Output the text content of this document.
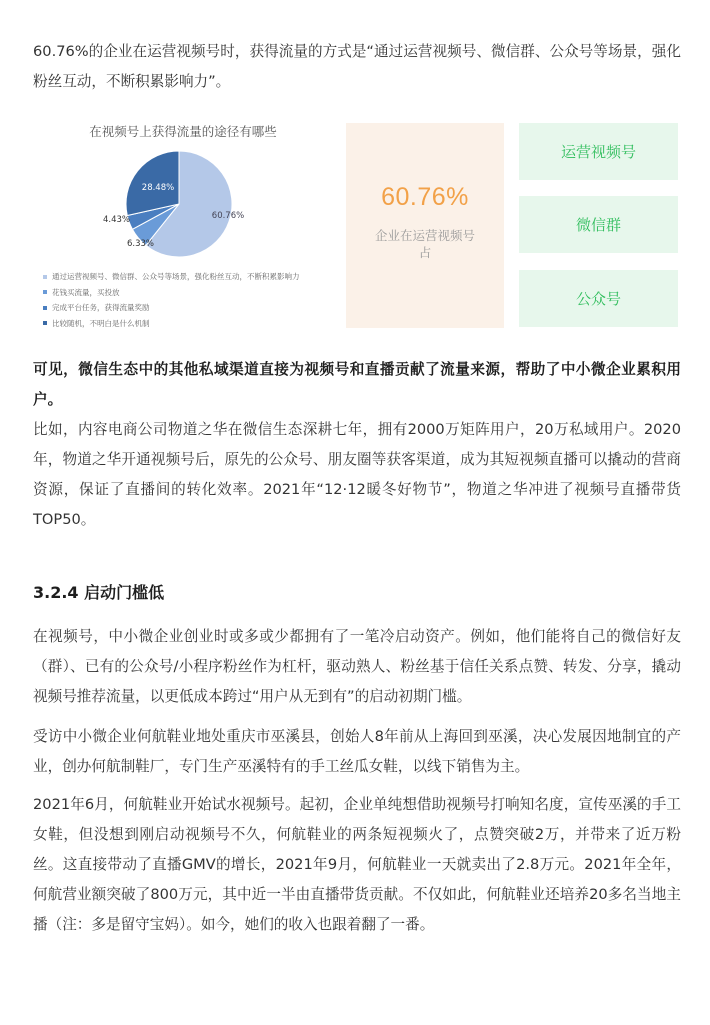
60.76%的企业在运营视频号时，获得流量的方式是“通过运营视频号、微信群、公众号等场景，强化粉丝互动，不断积累影响力”。

60.76%
6.33%
4.43%
28.48%
在视频号上获得流量的途径有哪些
通过运营视频号、微信群、公众号等场景，强化粉丝互动，不断积累影响力
花钱买流量，买投放
完成平台任务，获得流量奖励
比较随机，不明白是什么机制
60.76%
企业在运营视频号占
运营视频号
微信群
公众号

可见，微信生态中的其他私域渠道直接为视频号和直播贡献了流量来源，帮助了中小微企业累积用户。
比如，内容电商公司物道之华在微信生态深耕七年，拥有2000万矩阵用户，20万私域用户。2020年，物道之华开通视频号后，原先的公众号、朋友圈等获客渠道，成为其短视频直播可以撬动的营商资源，保证了直播间的转化效率。2021年“12·12暖冬好物节”，物道之华冲进了视频号直播带货TOP50。

3.2.4 启动门槛低

在视频号，中小微企业创业时或多或少都拥有了一笔冷启动资产。例如，他们能将自己的微信好友（群）、已有的公众号/小程序粉丝作为杠杆，驱动熟人、粉丝基于信任关系点赞、转发、分享，撬动视频号推荐流量，以更低成本跨过“用户从无到有”的启动初期门槛。

受访中小微企业何航鞋业地处重庆市巫溪县，创始人8年前从上海回到巫溪，决心发展因地制宜的产业，创办何航制鞋厂，专门生产巫溪特有的手工丝瓜女鞋，以线下销售为主。

2021年6月，何航鞋业开始试水视频号。起初，企业单纯想借助视频号打响知名度，宣传巫溪的手工女鞋，但没想到刚启动视频号不久，何航鞋业的两条短视频火了，点赞突破2万，并带来了近万粉丝。这直接带动了直播GMV的增长，2021年9月，何航鞋业一天就卖出了2.8万元。2021年全年，何航营业额突破了800万元，其中近一半由直播带货贡献。不仅如此，何航鞋业还培养20多名当地主播（注：多是留守宝妈）。如今，她们的收入也跟着翻了一番。
